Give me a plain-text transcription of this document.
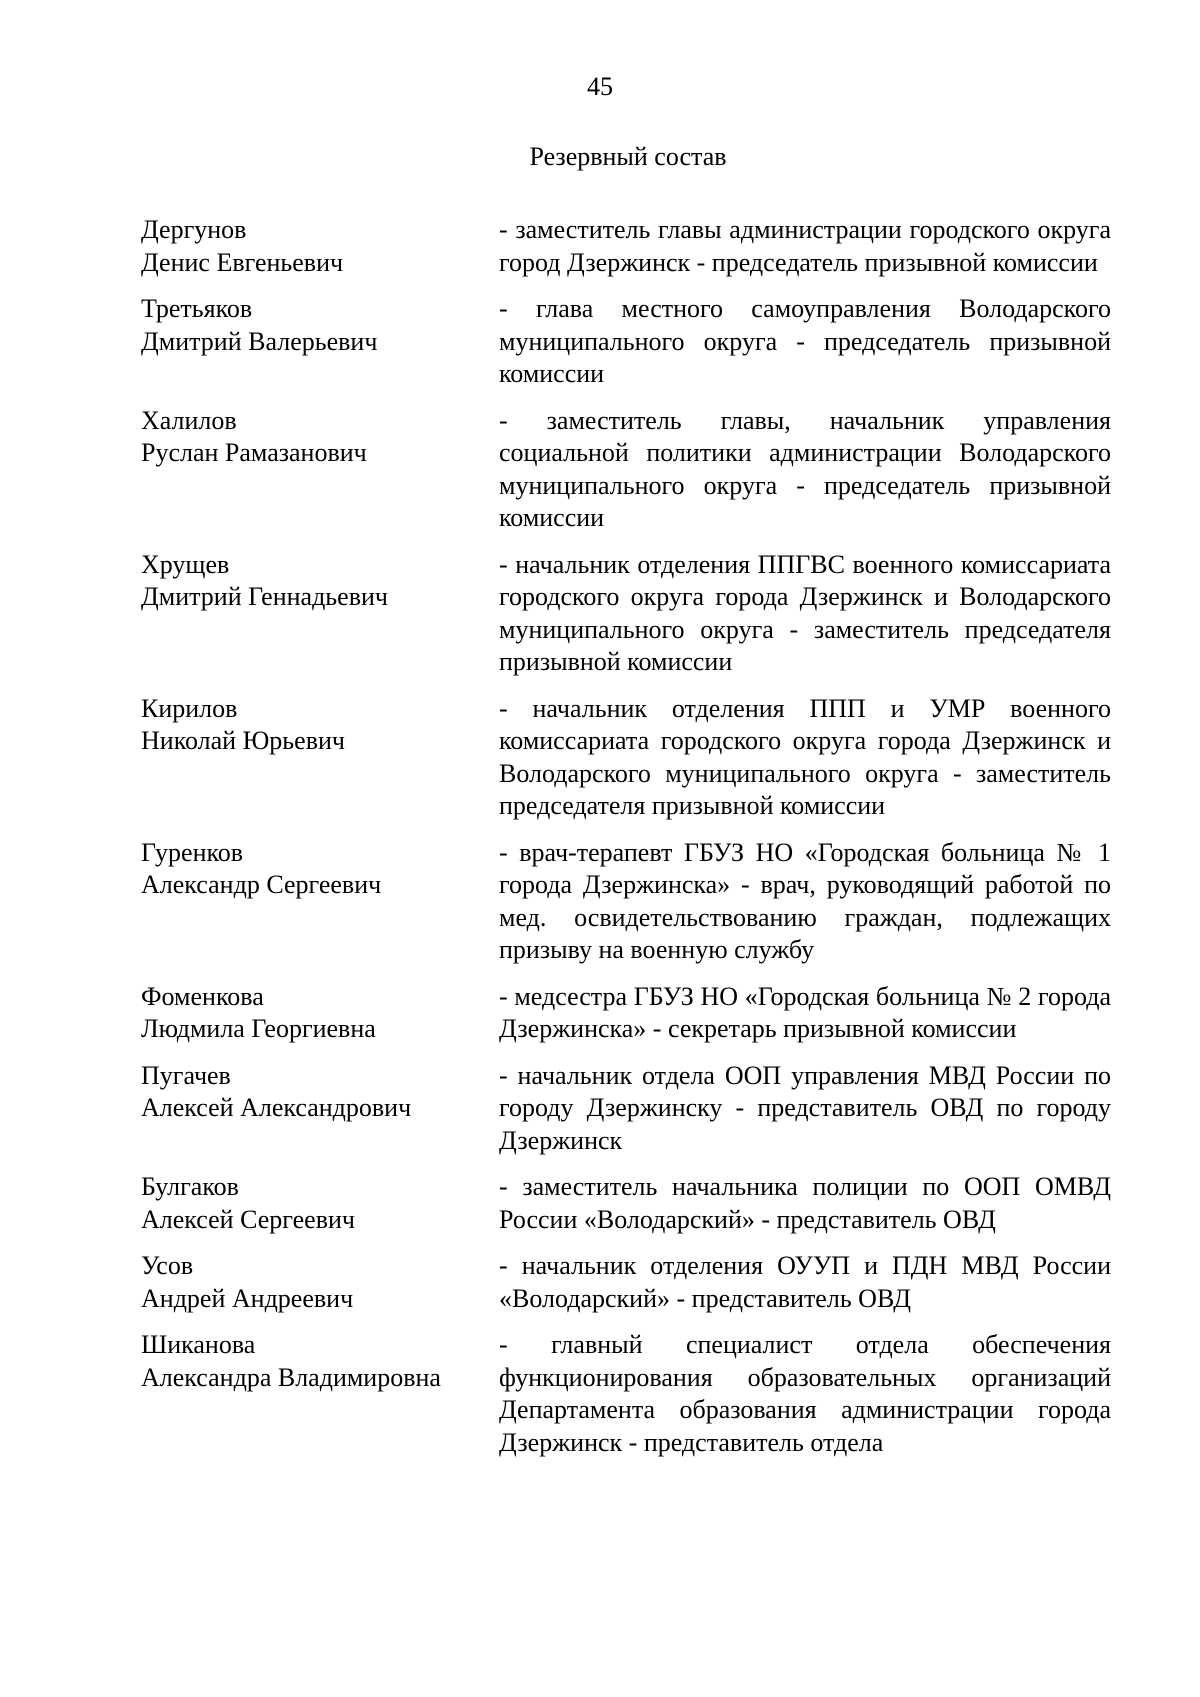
45
Резервный состав
Дергунов
Денис Евгеньевич
- заместитель главы администрации городского округа город Дзержинск - председатель призывной комиссии
Третьяков
Дмитрий Валерьевич
- глава местного самоуправления Володарского муниципального округа - председатель призывной комиссии
Халилов
Руслан Рамазанович
- заместитель главы, начальник управления социальной политики администрации Володарского муниципального округа - председатель призывной комиссии
Хрущев
Дмитрий Геннадьевич
- начальник отделения ППГВС военного комиссариата городского округа города Дзержинск и Володарского муниципального округа - заместитель председателя призывной комиссии
Кирилов
Николай Юрьевич
- начальник отделения ППП и УМР военного комиссариата городского округа города Дзержинск и Володарского муниципального округа - заместитель председателя призывной комиссии
Гуренков
Александр Сергеевич
- врач-терапевт ГБУЗ НО «Городская больница № 1 города Дзержинска» - врач, руководящий работой по мед. освидетельствованию граждан, подлежащих призыву на военную службу
Фоменкова
Людмила Георгиевна
- медсестра ГБУЗ НО «Городская больница № 2 города Дзержинска» - секретарь призывной комиссии
Пугачев
Алексей Александрович
- начальник отдела ООП управления МВД России по городу Дзержинску - представитель ОВД по городу Дзержинск
Булгаков
Алексей Сергеевич
- заместитель начальника полиции по ООП ОМВД России «Володарский» - представитель ОВД
Усов
Андрей Андреевич
- начальник отделения ОУУП и ПДН МВД России «Володарский» - представитель ОВД
Шиканова
Александра Владимировна
- главный специалист отдела обеспечения функционирования образовательных организаций Департамента образования администрации города Дзержинск - представитель отдела
